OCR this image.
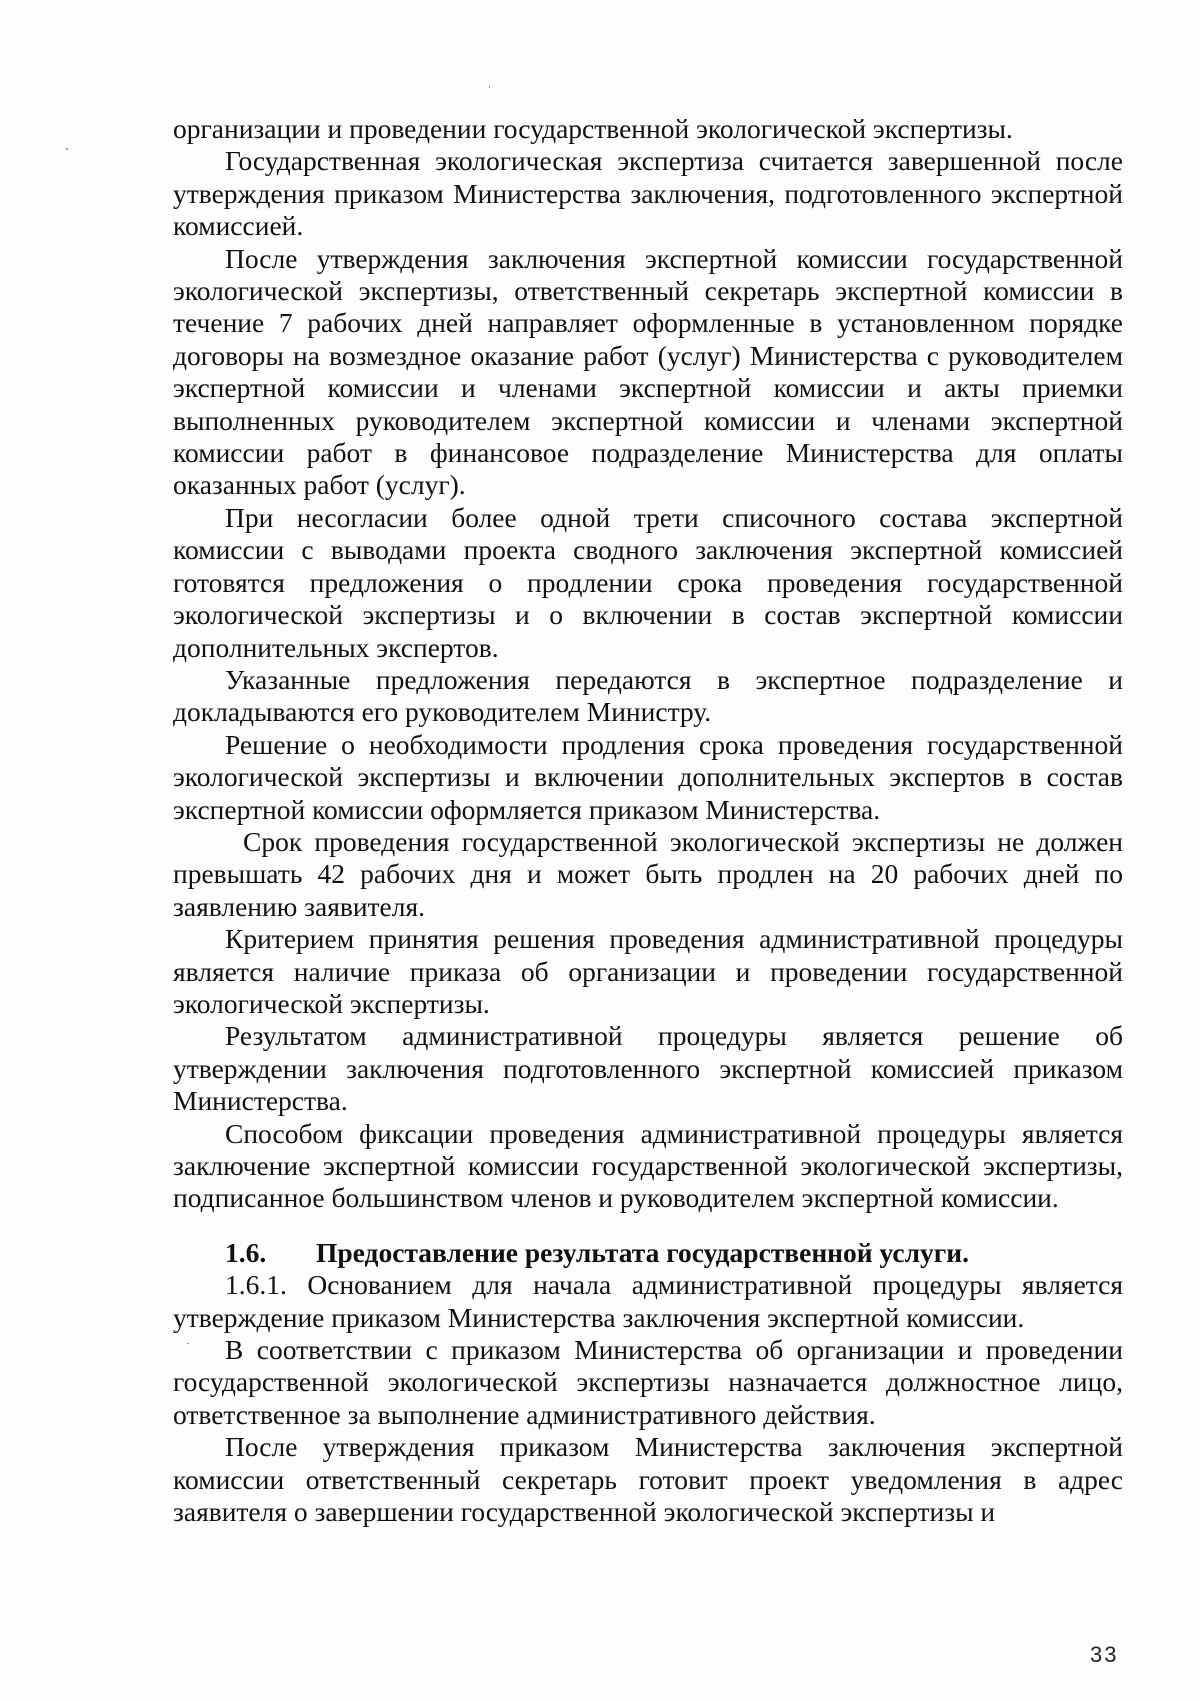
организации и проведении государственной экологической экспертизы.

Государственная экологическая экспертиза считается завершенной после утверждения приказом Министерства заключения, подготовленного экспертной комиссией.

После утверждения заключения экспертной комиссии государственной экологической экспертизы, ответственный секретарь экспертной комиссии в течение 7 рабочих дней направляет оформленные в установленном порядке договоры на возмездное оказание работ (услуг) Министерства с руководителем экспертной комиссии и членами экспертной комиссии и акты приемки выполненных руководителем экспертной комиссии и членами экспертной комиссии работ в финансовое подразделение Министерства для оплаты оказанных работ (услуг).

При несогласии более одной трети списочного состава экспертной комиссии с выводами проекта сводного заключения экспертной комиссией готовятся предложения о продлении срока проведения государственной экологической экспертизы и о включении в состав экспертной комиссии дополнительных экспертов.

Указанные предложения передаются в экспертное подразделение и докладываются его руководителем Министру.

Решение о необходимости продления срока проведения государственной экологической экспертизы и включении дополнительных экспертов в состав экспертной комиссии оформляется приказом Министерства.

Срок проведения государственной экологической экспертизы не должен превышать 42 рабочих дня и может быть продлен на 20 рабочих дней по заявлению заявителя.

Критерием принятия решения проведения административной процедуры является наличие приказа об организации и проведении государственной экологической экспертизы.

Результатом административной процедуры является решение об утверждении заключения подготовленного экспертной комиссией приказом Министерства.

Способом фиксации проведения административной процедуры является заключение экспертной комиссии государственной экологической экспертизы, подписанное большинством членов и руководителем экспертной комиссии.

1.6. Предоставление результата государственной услуги.

1.6.1. Основанием для начала административной процедуры является утверждение приказом Министерства заключения экспертной комиссии.

В соответствии с приказом Министерства об организации и проведении государственной экологической экспертизы назначается должностное лицо, ответственное за выполнение административного действия.

После утверждения приказом Министерства заключения экспертной комиссии ответственный секретарь готовит проект уведомления в адрес заявителя о завершении государственной экологической экспертизы и

33
